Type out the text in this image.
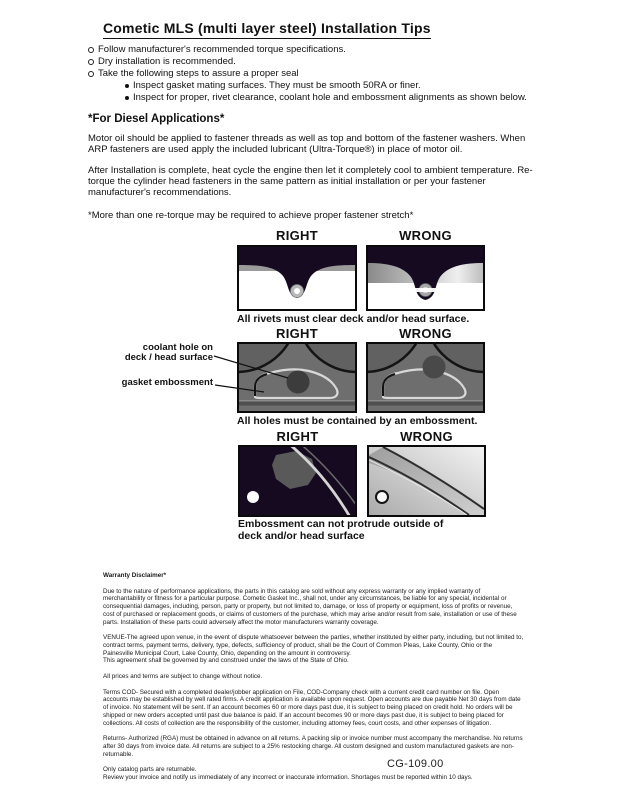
Cometic MLS (multi layer steel) Installation Tips
Follow manufacturer's recommended torque specifications.
Dry installation is recommended.
Take the following steps to assure a proper seal
Inspect gasket mating surfaces. They must be smooth 50RA or finer.
Inspect for proper, rivet clearance, coolant hole and embossment alignments as shown below.
*For Diesel Applications*

Motor oil should be applied to fastener threads as well as top and bottom of the fastener washers. When ARP fasteners are used apply the included lubricant (Ultra-Torque®) in place of motor oil.

After Installation is complete, heat cycle the engine then let it completely cool to ambient temperature. Re-torque the cylinder head fasteners in the same pattern as initial installation or per your fastener manufacturer's recommendations.

*More than one re-torque may be required to achieve proper fastener stretch*

RIGHT	WRONG
All rivets must clear deck and/or head surface.
RIGHT	WRONG
coolant hole on
deck / head surface
gasket embossment
All holes must be contained by an embossment.
RIGHT	WRONG
Embossment can not protrude outside of deck and/or head surface

Warranty Disclaimer*

Due to the nature of performance applications, the parts in this catalog are sold without any express warranty or any implied warranty of merchantability or fitness for a particular purpose. Cometic Gasket Inc., shall not, under any circumstances, be liable for any special, incidental or consequential damages, including, person, party or property, but not limited to, damage, or loss of property or equipment, loss of profits or revenue, cost of purchased or replacement goods, or claims of customers of the purchase, which may arise and/or result from sale, installation or use of these parts. Installation of these parts could adversely affect the motor manufacturers warranty coverage.

VENUE-The agreed upon venue, in the event of dispute whatsoever between the parties, whether instituted by either party, including, but not limited to, contract terms, payment terms, delivery, type, defects, sufficiency of product, shall be the Court of Common Pleas, Lake County, Ohio or the Painesville Municipal Court, Lake County, Ohio, depending on the amount in controversy.

This agreement shall be governed by and construed under the laws of the State of Ohio.

All prices and terms are subject to change without notice.

Terms COD- Secured with a completed dealer/jobber application on File, COD-Company check with a current credit card number on file. Open accounts may be established by well rated firms. A credit application is available upon request. Open accounts are due payable Net 30 days from date of invoice. No statement will be sent. If an account becomes 60 or more days past due, it is subject to being placed on credit hold. No orders will be shipped or new orders accepted until past due balance is paid. If an account becomes 90 or more days past due, it is subject to being placed for collections. All costs of collection are the responsibility of the customer, including attorney fees, court costs, and other expenses of litigation.

Returns- Authorized (RGA) must be obtained in advance on all returns. A packing slip or invoice number must accompany the merchandise. No returns after 30 days from invoice date. All returns are subject to a 25% restocking charge. All custom designed and custom manufactured gaskets are non-returnable.

Only catalog parts are returnable.

Review your invoice and notify us immediately of any incorrect or inaccurate information. Shortages must be reported within 10 days.

CG-109.00
